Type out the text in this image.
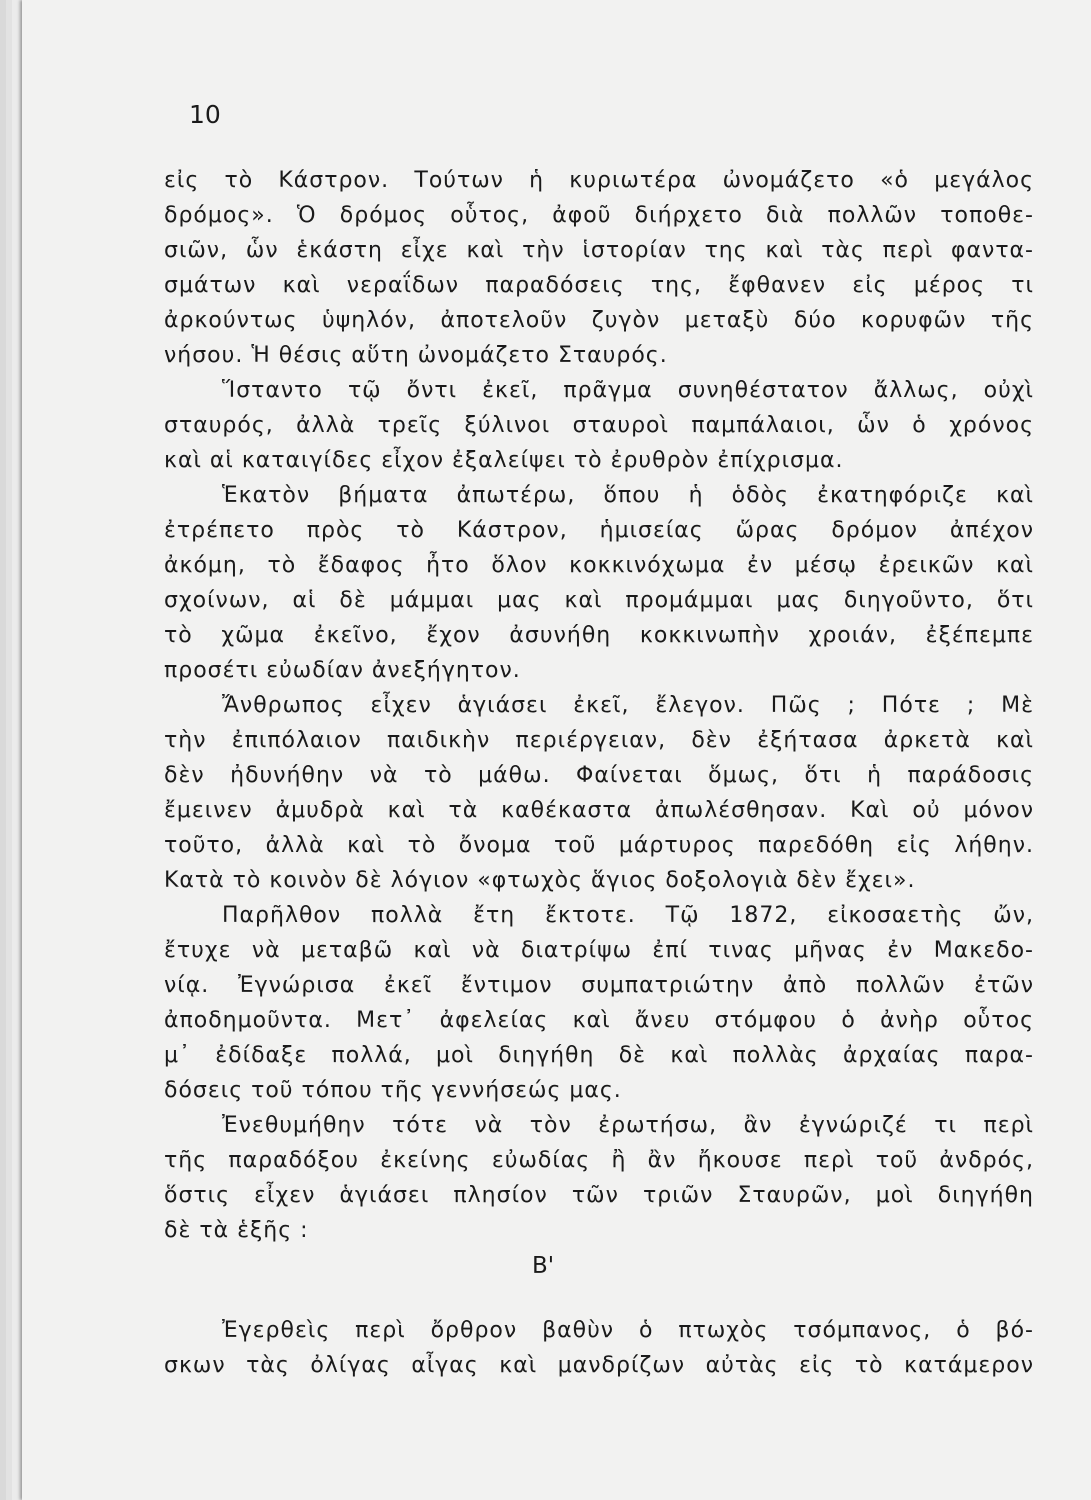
10

εἰς τὸ Κάστρον. Τούτων ἡ κυριωτέρα ὠνομάζετο «ὁ μεγάλος
δρόμος». Ὁ δρόμος οὗτος, ἀφοῦ διήρχετο διὰ πολλῶν τοποθε-
σιῶν, ὧν ἑκάστη εἶχε καὶ τὴν ἱστορίαν της καὶ τὰς περὶ φαντα-
σμάτων καὶ νεραΐδων παραδόσεις της, ἔφθανεν εἰς μέρος τι
ἀρκούντως ὑψηλόν, ἀποτελοῦν ζυγὸν μεταξὺ δύο κορυφῶν τῆς
νήσου. Ἡ θέσις αὕτη ὠνομάζετο Σταυρός.
Ἵσταντο τῷ ὄντι ἐκεῖ, πρᾶγμα συνηθέστατον ἄλλως, οὐχὶ
σταυρός, ἀλλὰ τρεῖς ξύλινοι σταυροὶ παμπάλαιοι, ὧν ὁ χρόνος
καὶ αἱ καταιγίδες εἶχον ἐξαλείψει τὸ ἐρυθρὸν ἐπίχρισμα.
Ἑκατὸν βήματα ἀπωτέρω, ὅπου ἡ ὁδὸς ἐκατηφόριζε καὶ
ἐτρέπετο πρὸς τὸ Κάστρον, ἡμισείας ὥρας δρόμον ἀπέχον
ἀκόμη, τὸ ἔδαφος ἦτο ὅλον κοκκινόχωμα ἐν μέσῳ ἐρεικῶν καὶ
σχοίνων, αἱ δὲ μάμμαι μας καὶ προμάμμαι μας διηγοῦντο, ὅτι
τὸ χῶμα ἐκεῖνο, ἔχον ἀσυνήθη κοκκινωπὴν χροιάν, ἐξέπεμπε
προσέτι εὐωδίαν ἀνεξήγητον.
Ἄνθρωπος εἶχεν ἁγιάσει ἐκεῖ, ἔλεγον. Πῶς ; Πότε ; Μὲ
τὴν ἐπιπόλαιον παιδικὴν περιέργειαν, δὲν ἐξήτασα ἀρκετὰ καὶ
δὲν ἠδυνήθην νὰ τὸ μάθω. Φαίνεται ὅμως, ὅτι ἡ παράδοσις
ἔμεινεν ἀμυδρὰ καὶ τὰ καθέκαστα ἀπωλέσθησαν. Καὶ οὐ μόνον
τοῦτο, ἀλλὰ καὶ τὸ ὄνομα τοῦ μάρτυρος παρεδόθη εἰς λήθην.
Κατὰ τὸ κοινὸν δὲ λόγιον «φτωχὸς ἅγιος δοξολογιὰ δὲν ἔχει».
Παρῆλθον πολλὰ ἔτη ἔκτοτε. Τῷ 1872, εἰκοσαετὴς ὤν,
ἔτυχε νὰ μεταβῶ καὶ νὰ διατρίψω ἐπί τινας μῆνας ἐν Μακεδο-
νίᾳ. Ἐγνώρισα ἐκεῖ ἔντιμον συμπατριώτην ἀπὸ πολλῶν ἐτῶν
ἀποδημοῦντα. Μετ᾽ ἀφελείας καὶ ἄνευ στόμφου ὁ ἀνὴρ οὗτος
μ᾽ ἐδίδαξε πολλά, μοὶ διηγήθη δὲ καὶ πολλὰς ἀρχαίας παρα-
δόσεις τοῦ τόπου τῆς γεννήσεώς μας.
Ἐνεθυμήθην τότε νὰ τὸν ἐρωτήσω, ἂν ἐγνώριζέ τι περὶ
τῆς παραδόξου ἐκείνης εὐωδίας ἢ ἂν ἤκουσε περὶ τοῦ ἀνδρός,
ὅστις εἶχεν ἁγιάσει πλησίον τῶν τριῶν Σταυρῶν, μοὶ διηγήθη
δὲ τὰ ἑξῆς :

Β'

Ἐγερθεὶς περὶ ὄρθρον βαθὺν ὁ πτωχὸς τσόμπανος, ὁ βό-
σκων τὰς ὀλίγας αἶγας καὶ μανδρίζων αὐτὰς εἰς τὸ κατάμερον
